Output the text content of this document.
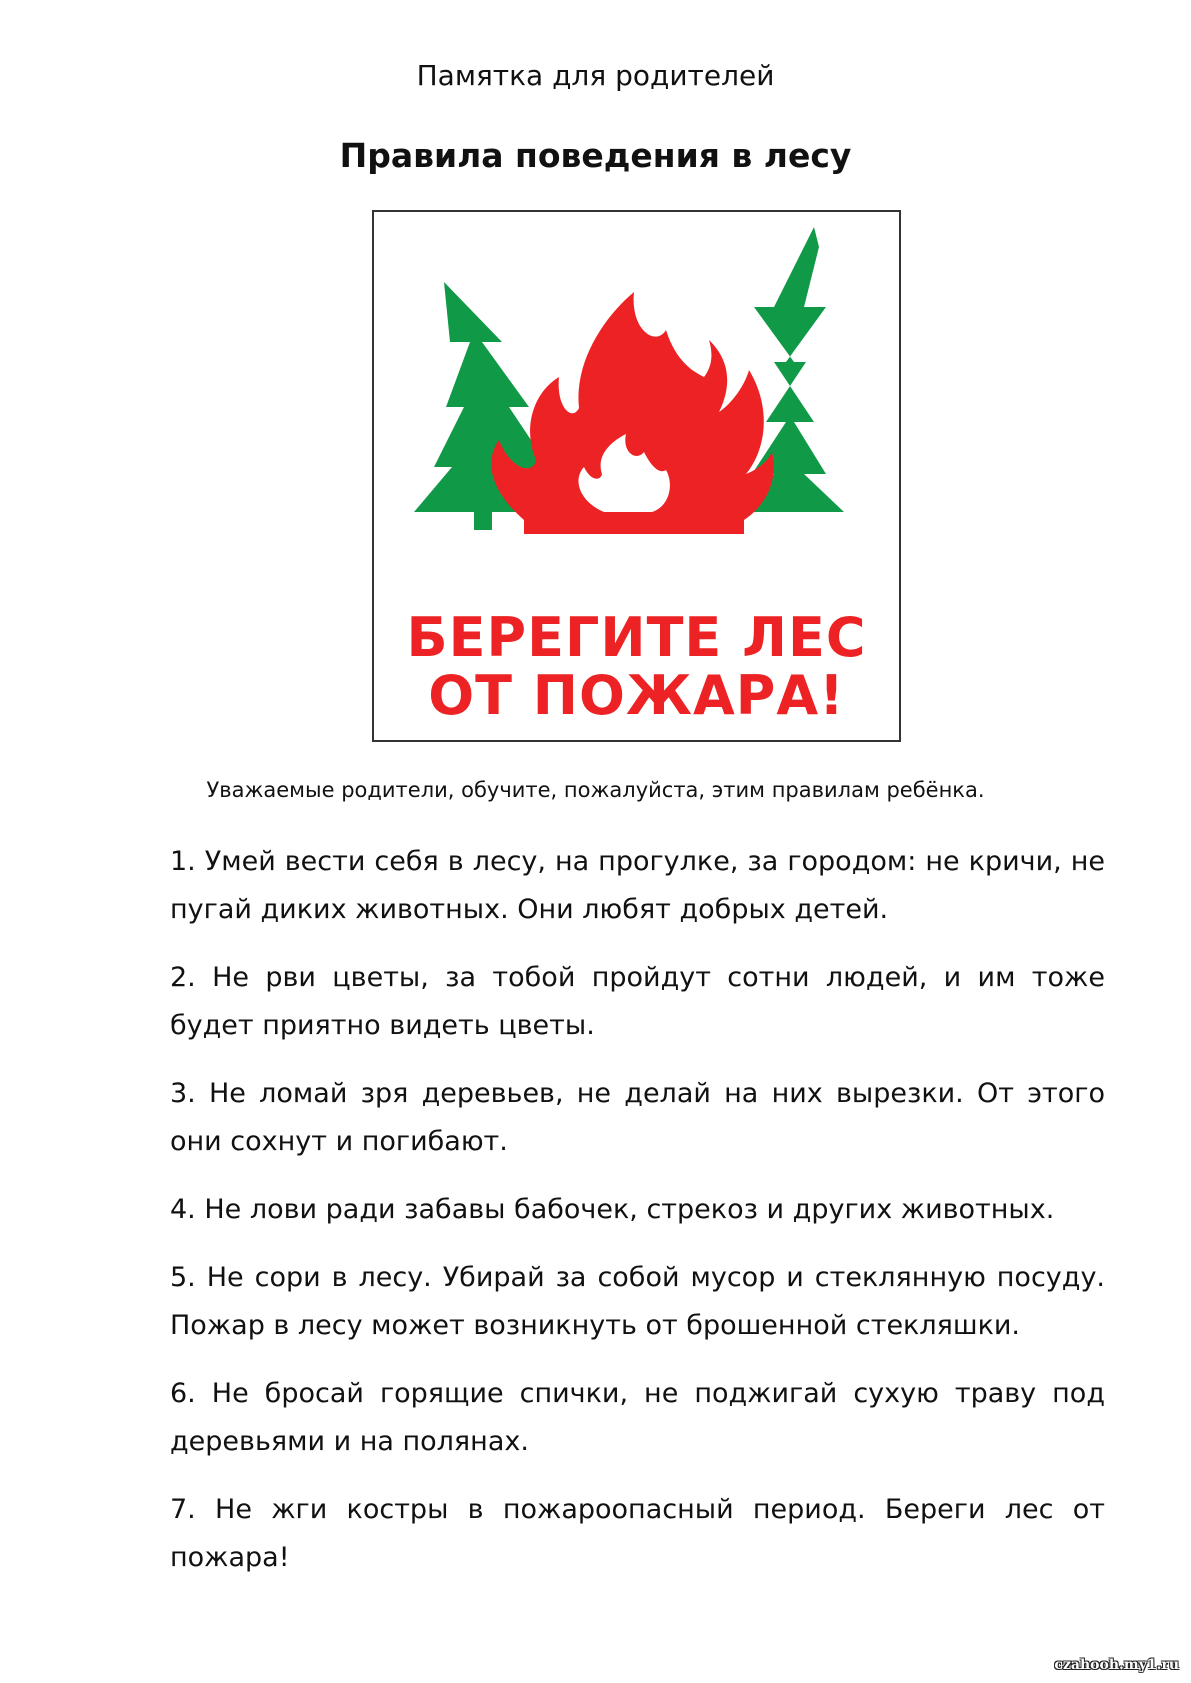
Памятка для родителей
Правила поведения в лесу
БЕРЕГИТЕ ЛЕС
ОТ ПОЖАРА!
Уважаемые родители, обучите, пожалуйста, этим правилам ребёнка.

1. Умей вести себя в лесу, на прогулке, за городом: не кричи, не пугай диких животных. Они любят добрых детей.

2. Не рви цветы, за тобой пройдут сотни людей, и им тоже будет приятно видеть цветы.

3. Не ломай зря деревьев, не делай на них вырезки. От этого они сохнут и погибают.

4. Не лови ради забавы бабочек, стрекоз и других животных.

5. Не сори в лесу. Убирай за собой мусор и стеклянную посуду. Пожар в лесу может возникнуть от брошенной стекляшки.

6. Не бросай горящие спички, не поджигай сухую траву под деревьями и на полянах.

7. Не жги костры в пожароопасный период. Береги лес от пожара!

czahooh.my1.ru
